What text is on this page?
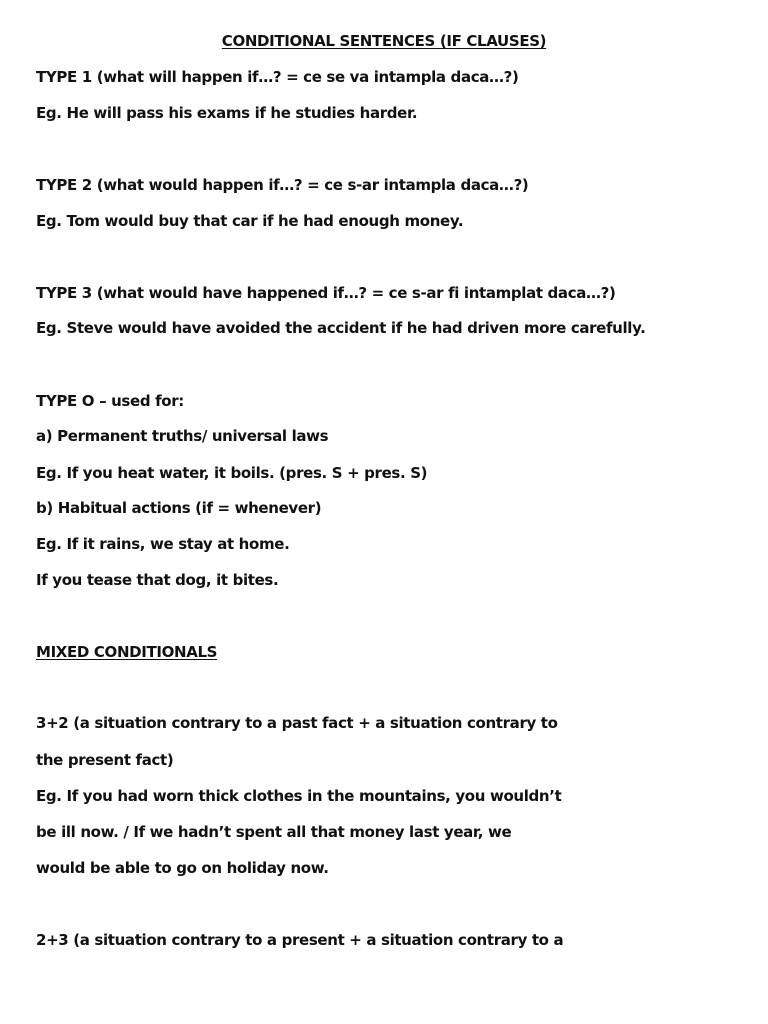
CONDITIONAL SENTENCES (IF CLAUSES)
TYPE 1 (what will happen if…? = ce se va intampla daca…?)
Eg. He will pass his exams if he studies harder.
TYPE 2 (what would happen if…? = ce s-ar intampla daca…?)
Eg. Tom would buy that car if he had enough money.
TYPE 3 (what would have happened if…? = ce s-ar fi intamplat daca…?)
Eg. Steve would have avoided the accident if he had driven more carefully.
TYPE O – used for:
a) Permanent truths/ universal laws
Eg. If you heat water, it boils. (pres. S + pres. S)
b) Habitual actions (if = whenever)
Eg. If it rains, we stay at home.
If you tease that dog, it bites.
MIXED CONDITIONALS
3+2 (a situation contrary to a past fact + a situation contrary to
the present fact)
Eg. If you had worn thick clothes in the mountains, you wouldn’t
be ill now. / If we hadn’t spent all that money last year, we
would be able to go on holiday now.
2+3 (a situation contrary to a present + a situation contrary to a
